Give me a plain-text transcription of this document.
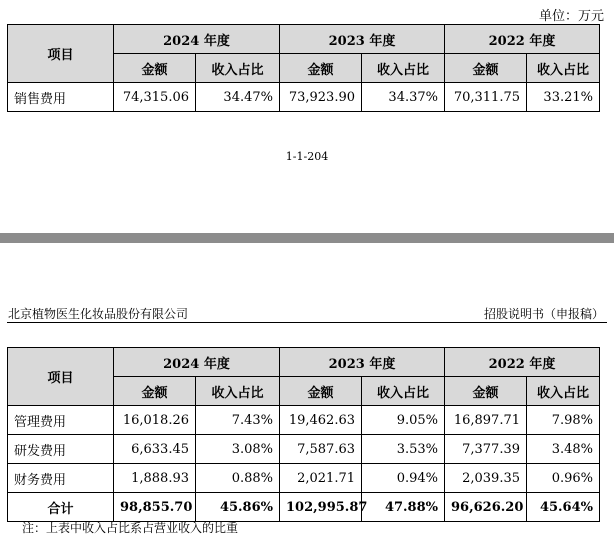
单位：万元
项目	2024 年度		2023 年度		2022 年度	
	金额	收入占比	金额	收入占比	金额	收入占比
销售费用	74,315.06	34.47%	73,923.90	34.37%	70,311.75	33.21%
1-1-204
北京植物医生化妆品股份有限公司	招股说明书（申报稿）
项目	2024 年度		2023 年度		2022 年度	
	金额	收入占比	金额	收入占比	金额	收入占比
管理费用	16,018.26	7.43%	19,462.63	9.05%	16,897.71	7.98%
研发费用	6,633.45	3.08%	7,587.63	3.53%	7,377.39	3.48%
财务费用	1,888.93	0.88%	2,021.71	0.94%	2,039.35	0.96%
合计	98,855.70	45.86%	102,995.87	47.88%	96,626.20	45.64%
注：上表中收入占比系占营业收入的比重
